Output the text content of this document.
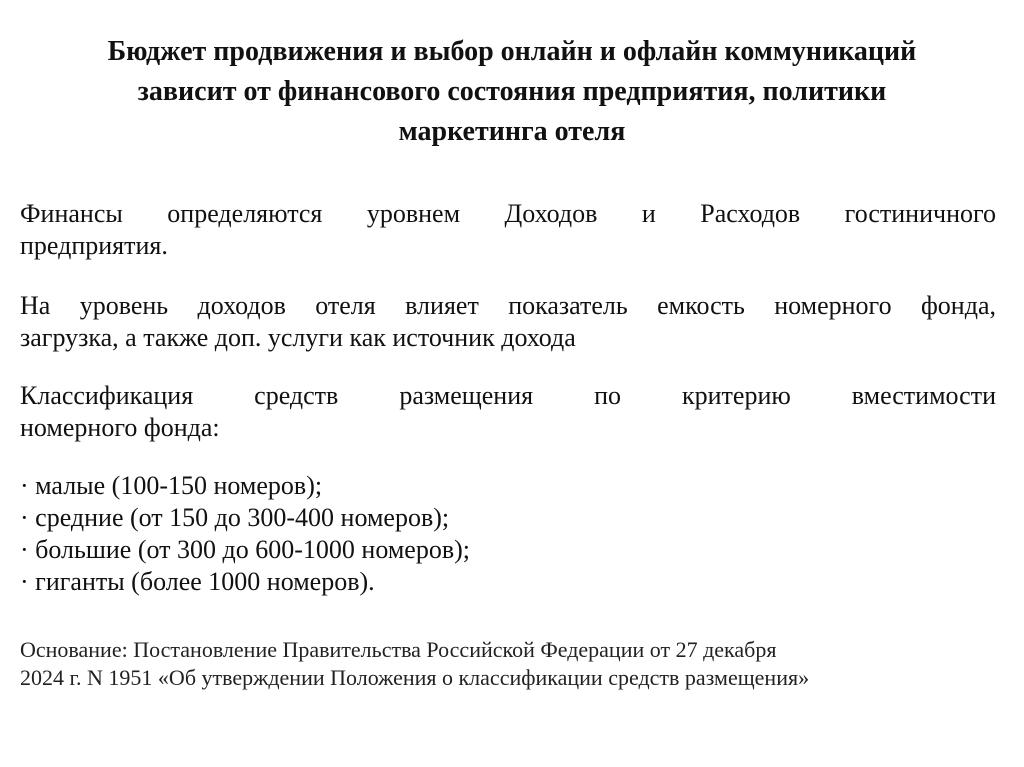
Бюджет продвижения и выбор онлайн и офлайн коммуникаций
зависит от финансового состояния предприятия, политики
маркетинга отеля

Финансы определяются уровнем Доходов и Расходов гостиничного
предприятия.

На уровень доходов отеля влияет показатель емкость номерного фонда,
загрузка, а также доп. услуги как источник дохода

Классификация средств размещения по критерию вместимости
номерного фонда:

· малые (100-150 номеров);
· средние (от 150 до 300-400 номеров);
· большие (от 300 до 600-1000 номеров);
· гиганты (более 1000 номеров).

Основание: Постановление Правительства Российской Федерации от 27 декабря
2024 г. N 1951 «Об утверждении Положения о классификации средств размещения»
